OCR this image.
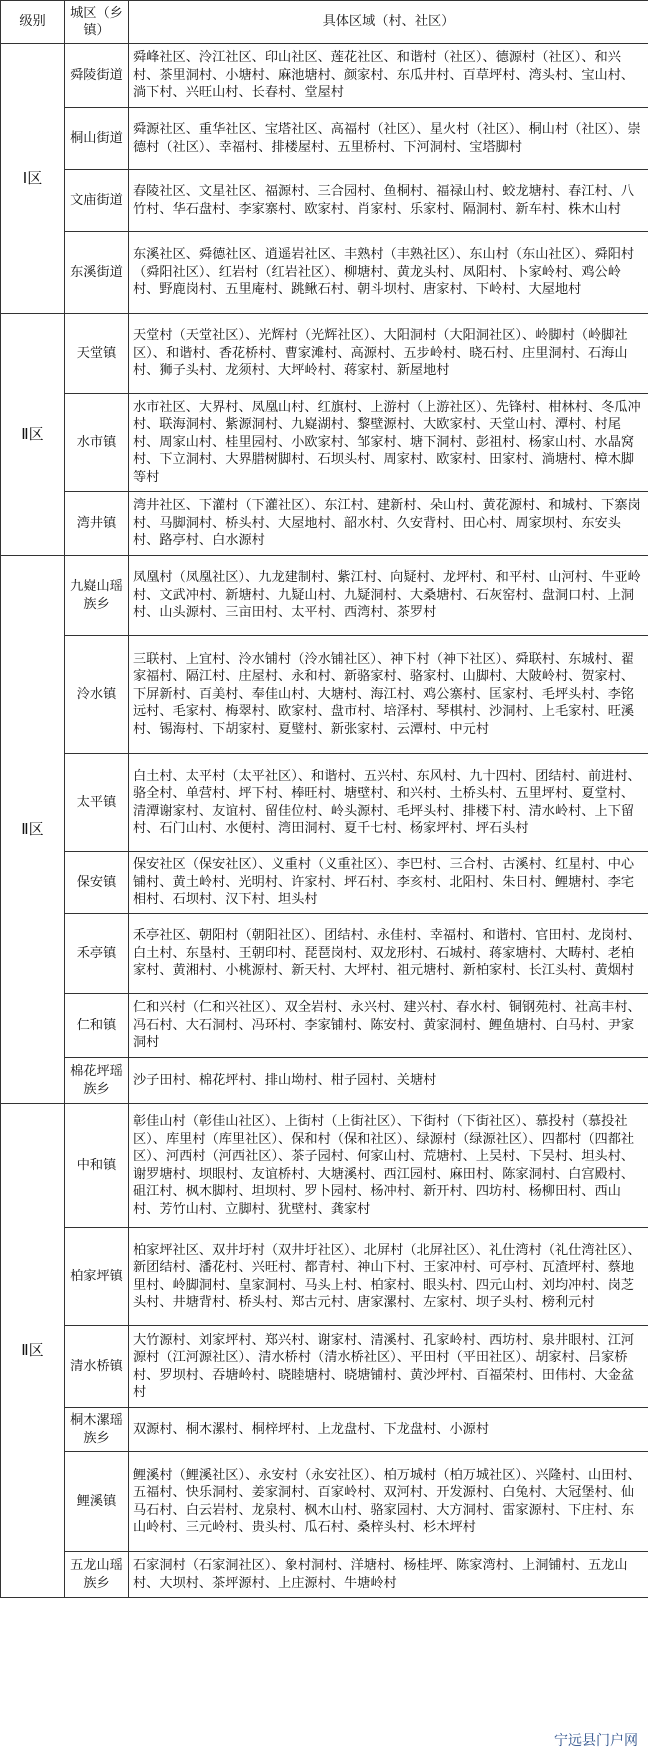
级别	城区（乡镇）	具体区域（村、社区）
Ⅰ区	舜陵街道	舜峰社区、泠江社区、印山社区、莲花社区、和谐村（社区）、德源村（社区）、和兴村、茶里洞村、小塘村、麻池塘村、颜家村、东瓜井村、百草坪村、湾头村、宝山村、淌下村、兴旺山村、长春村、堂屋村
	桐山街道	舜源社区、重华社区、宝塔社区、高福村（社区）、星火村（社区）、桐山村（社区）、崇德村（社区）、幸福村、排楼屋村、五里桥村、下河洞村、宝塔脚村
	文庙街道	春陵社区、文星社区、福源村、三合园村、鱼桐村、福禄山村、蛟龙塘村、春江村、八竹村、华石盘村、李家寨村、欧家村、肖家村、乐家村、隔洞村、新车村、株木山村
	东溪街道	东溪社区、舜德社区、逍遥岩社区、丰熟村（丰熟社区）、东山村（东山社区）、舜阳村（舜阳社区）、红岩村（红岩社区）、柳塘村、黄龙头村、凤阳村、卜家岭村、鸡公岭村、野鹿岗村、五里庵村、跳鳅石村、朝斗坝村、唐家村、下岭村、大屋地村
Ⅱ区	天堂镇	天堂村（天堂社区）、光辉村（光辉社区）、大阳洞村（大阳洞社区）、岭脚村（岭脚社区）、和谐村、香花桥村、曹家滩村、高源村、五步岭村、晓石村、庄里洞村、石海山村、狮子头村、龙须村、大坪岭村、蒋家村、新屋地村
	水市镇	水市社区、大界村、凤凰山村、红旗村、上游村（上游社区）、先锋村、柑林村、冬瓜冲村、联海洞村、紫源洞村、九嶷湖村、黎壁源村、大欧家村、天堂山村、潭村、村尾村、周家山村、桂里园村、小欧家村、邹家村、塘下洞村、彭祖村、杨家山村、水晶窝村、下立洞村、大界腊树脚村、石坝头村、周家村、欧家村、田家村、淌塘村、樟木脚等村
	湾井镇	湾井社区、下灌村（下灌社区）、东江村、建新村、朵山村、黄花源村、和城村、下寨岗村、马脚洞村、桥头村、大屋地村、韶水村、久安背村、田心村、周家坝村、东安头村、路亭村、白水源村
Ⅱ区	九嶷山瑶族乡	凤凰村（凤凰社区）、九龙建制村、紫江村、向疑村、龙坪村、和平村、山河村、牛亚岭村、文武冲村、新塘村、九疑山村、九疑洞村、大桑塘村、石灰窑村、盘洞口村、上洞村、山头源村、三亩田村、太平村、西湾村、茶罗村
	泠水镇	三联村、上宜村、泠水铺村（泠水铺社区）、神下村（神下社区）、舜联村、东城村、翟家福村、隔江村、庄屋村、永和村、新骆家村、骆家村、山脚村、大陂岭村、贺家村、下屏新村、百美村、奉佳山村、大塘村、海江村、鸡公寨村、匡家村、毛坪头村、李铭远村、毛家村、梅翠村、欧家村、盘市村、培泽村、琴棋村、沙洞村、上毛家村、旺溪村、锡海村、下胡家村、夏璧村、新张家村、云潭村、中元村
	太平镇	白土村、太平村（太平社区）、和谐村、五兴村、东风村、九十四村、团结村、前进村、骆全村、单营村、坪下村、棒旺村、塘壁村、和兴村、土桥头村、五里坪村、夏堂村、清潭谢家村、友谊村、留佳位村、岭头源村、毛坪头村、排楼下村、清水岭村、上下留村、石门山村、水便村、湾田洞村、夏千七村、杨家坪村、坪石头村
	保安镇	保安社区（保安社区）、义重村（义重社区）、李巴村、三合村、古溪村、红星村、中心铺村、黄土岭村、光明村、许家村、坪石村、李亥村、北阳村、朱日村、鲤塘村、李宅相村、石坝村、汉下村、坦头村
	禾亭镇	禾亭社区、朝阳村（朝阳社区）、团结村、永佳村、幸福村、和谐村、官田村、龙岗村、白土村、东垦村、王朝印村、琵琶岗村、双龙形村、石城村、蒋家塘村、大畴村、老柏家村、黄湘村、小桃源村、新天村、大坪村、祖元塘村、新柏家村、长江头村、黄烟村
	仁和镇	仁和兴村（仁和兴社区）、双全岩村、永兴村、建兴村、春水村、铜钢苑村、社高丰村、冯石村、大石洞村、冯环村、李家铺村、陈安村、黄家洞村、鲤鱼塘村、白马村、尹家洞村
	棉花坪瑶族乡	沙子田村、棉花坪村、排山坳村、柑子园村、关塘村
Ⅱ区	中和镇	彰佳山村（彰佳山社区）、上街村（上街社区）、下街村（下街社区）、慕投村（慕投社区）、库里村（库里社区）、保和村（保和社区）、绿源村（绿源社区）、四都村（四都社区）、河西村（河西社区）、茶子园村、何家山村、荒塘村、上吴村、下吴村、坦头村、谢罗塘村、坝眼村、友谊桥村、大塘溪村、西江园村、麻田村、陈家洞村、白宫殿村、砠江村、枫木脚村、坦坝村、罗卜园村、杨冲村、新开村、四坊村、杨柳田村、西山村、芳竹山村、立脚村、犹壁村、龚家村
	柏家坪镇	柏家坪社区、双井圩村（双井圩社区）、北屏村（北屏社区）、礼仕湾村（礼仕湾社区）、新团结村、潘花村、兴旺村、都青村、神山下村、王家冲村、可亭村、瓦渣坪村、蔡地里村、岭脚洞村、皇家洞村、马头上村、柏家村、眼头村、四元山村、刘均冲村、岗芝头村、井塘背村、桥头村、郑古元村、唐家漯村、左家村、坝子头村、榜利元村
	清水桥镇	大竹源村、刘家坪村、郑兴村、谢家村、清溪村、孔家岭村、西坊村、泉井眼村、江河源村（江河源社区）、清水桥村（清水桥社区）、平田村（平田社区）、胡家村、吕家桥村、罗坝村、吞塘岭村、晓睦塘村、晓塘铺村、黄沙坪村、百福荣村、田伟村、大金盆村
	桐木漯瑶族乡	双源村、桐木漯村、桐梓坪村、上龙盘村、下龙盘村、小源村
	鲤溪镇	鲤溪村（鲤溪社区）、永安村（永安社区）、柏万城村（柏万城社区）、兴隆村、山田村、五福村、快乐洞村、姜家洞村、百家岭村、双河村、开发源村、白兔村、大冠堡村、仙马石村、白云岩村、龙泉村、枫木山村、骆家园村、大方洞村、雷家源村、下庄村、东山岭村、三元岭村、贵头村、瓜石村、桑梓头村、杉木坪村
	五龙山瑶族乡	石家洞村（石家洞社区）、象村洞村、洋塘村、杨桂坪、陈家湾村、上洞铺村、五龙山村、大坝村、茶坪源村、上庄源村、牛塘岭村
宁远县门户网
